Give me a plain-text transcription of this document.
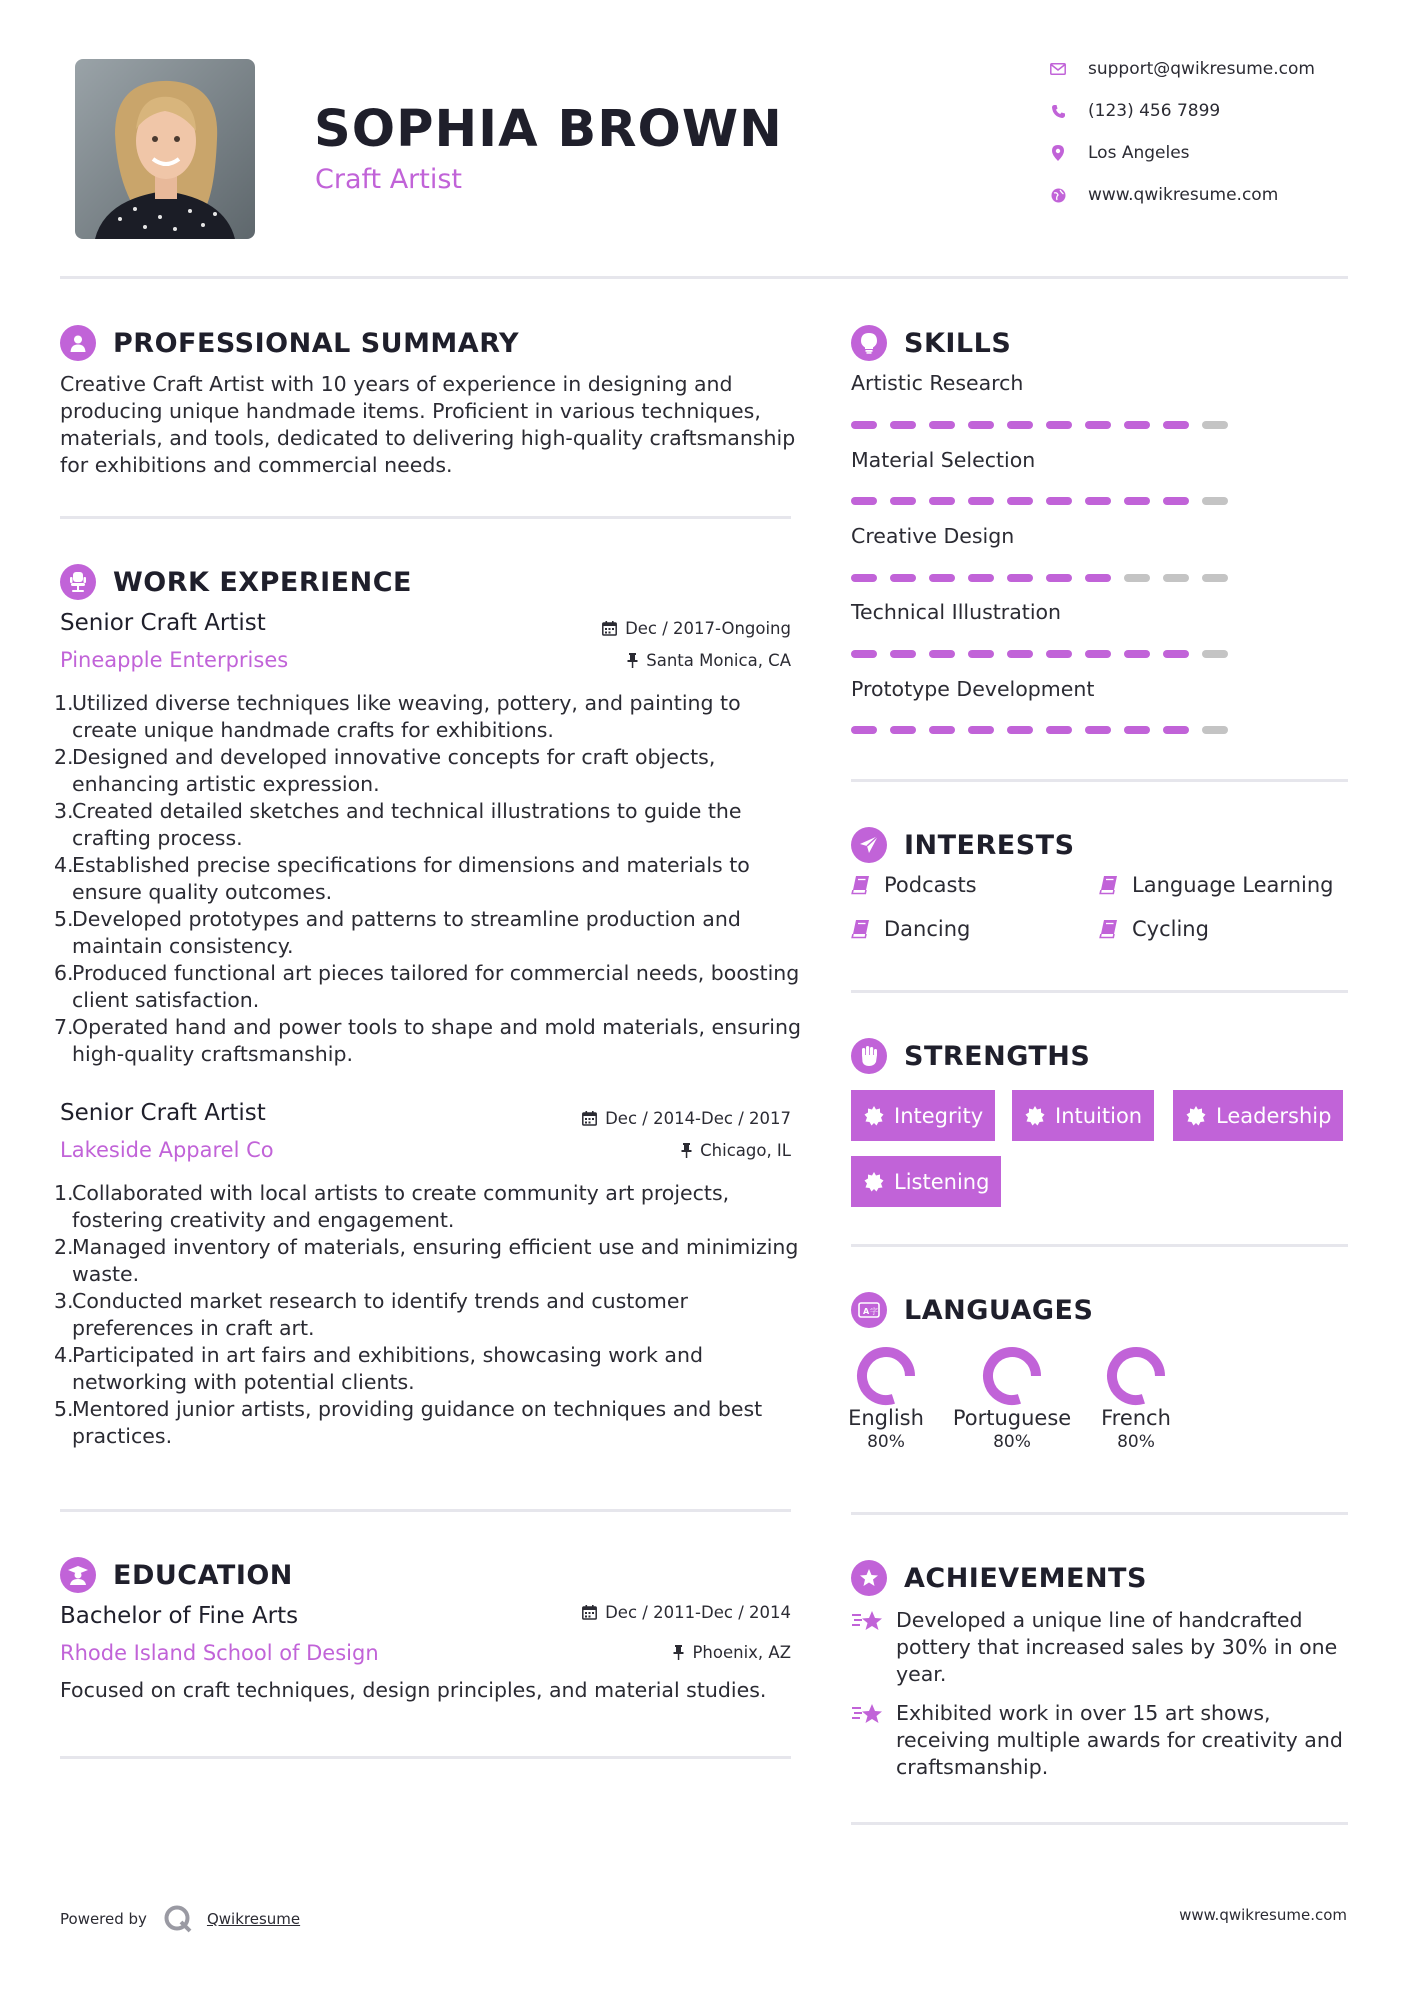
SOPHIA BROWN
Craft Artist
support@qwikresume.com
(123) 456 7899
Los Angeles
www.qwikresume.com
PROFESSIONAL SUMMARY
Creative Craft Artist with 10 years of experience in designing and producing unique handmade items. Proficient in various techniques, materials, and tools, dedicated to delivering high-quality craftsmanship for exhibitions and commercial needs.
WORK EXPERIENCE
Senior Craft Artist	Dec / 2017-Ongoing
Pineapple Enterprises	Santa Monica, CA
1.Utilized diverse techniques like weaving, pottery, and painting to create unique handmade crafts for exhibitions.
2.Designed and developed innovative concepts for craft objects, enhancing artistic expression.
3.Created detailed sketches and technical illustrations to guide the crafting process.
4.Established precise specifications for dimensions and materials to ensure quality outcomes.
5.Developed prototypes and patterns to streamline production and maintain consistency.
6.Produced functional art pieces tailored for commercial needs, boosting client satisfaction.
7.Operated hand and power tools to shape and mold materials, ensuring high-quality craftsmanship.
Senior Craft Artist	Dec / 2014-Dec / 2017
Lakeside Apparel Co	Chicago, IL
1.Collaborated with local artists to create community art projects, fostering creativity and engagement.
2.Managed inventory of materials, ensuring efficient use and minimizing waste.
3.Conducted market research to identify trends and customer preferences in craft art.
4.Participated in art fairs and exhibitions, showcasing work and networking with potential clients.
5.Mentored junior artists, providing guidance on techniques and best practices.
EDUCATION
Bachelor of Fine Arts	Dec / 2011-Dec / 2014
Rhode Island School of Design	Phoenix, AZ
Focused on craft techniques, design principles, and material studies.
SKILLS
Artistic Research
Material Selection
Creative Design
Technical Illustration
Prototype Development
INTERESTS
Podcasts	Language Learning
Dancing	Cycling
STRENGTHS
Integrity	Intuition	Leadership
Listening
A 字 LANGUAGES
English
80%
Portuguese
80%
French
80%
ACHIEVEMENTS
Developed a unique line of handcrafted pottery that increased sales by 30% in one year.
Exhibited work in over 15 art shows, receiving multiple awards for creativity and craftsmanship.
Powered by	Qwikresume	www.qwikresume.com
